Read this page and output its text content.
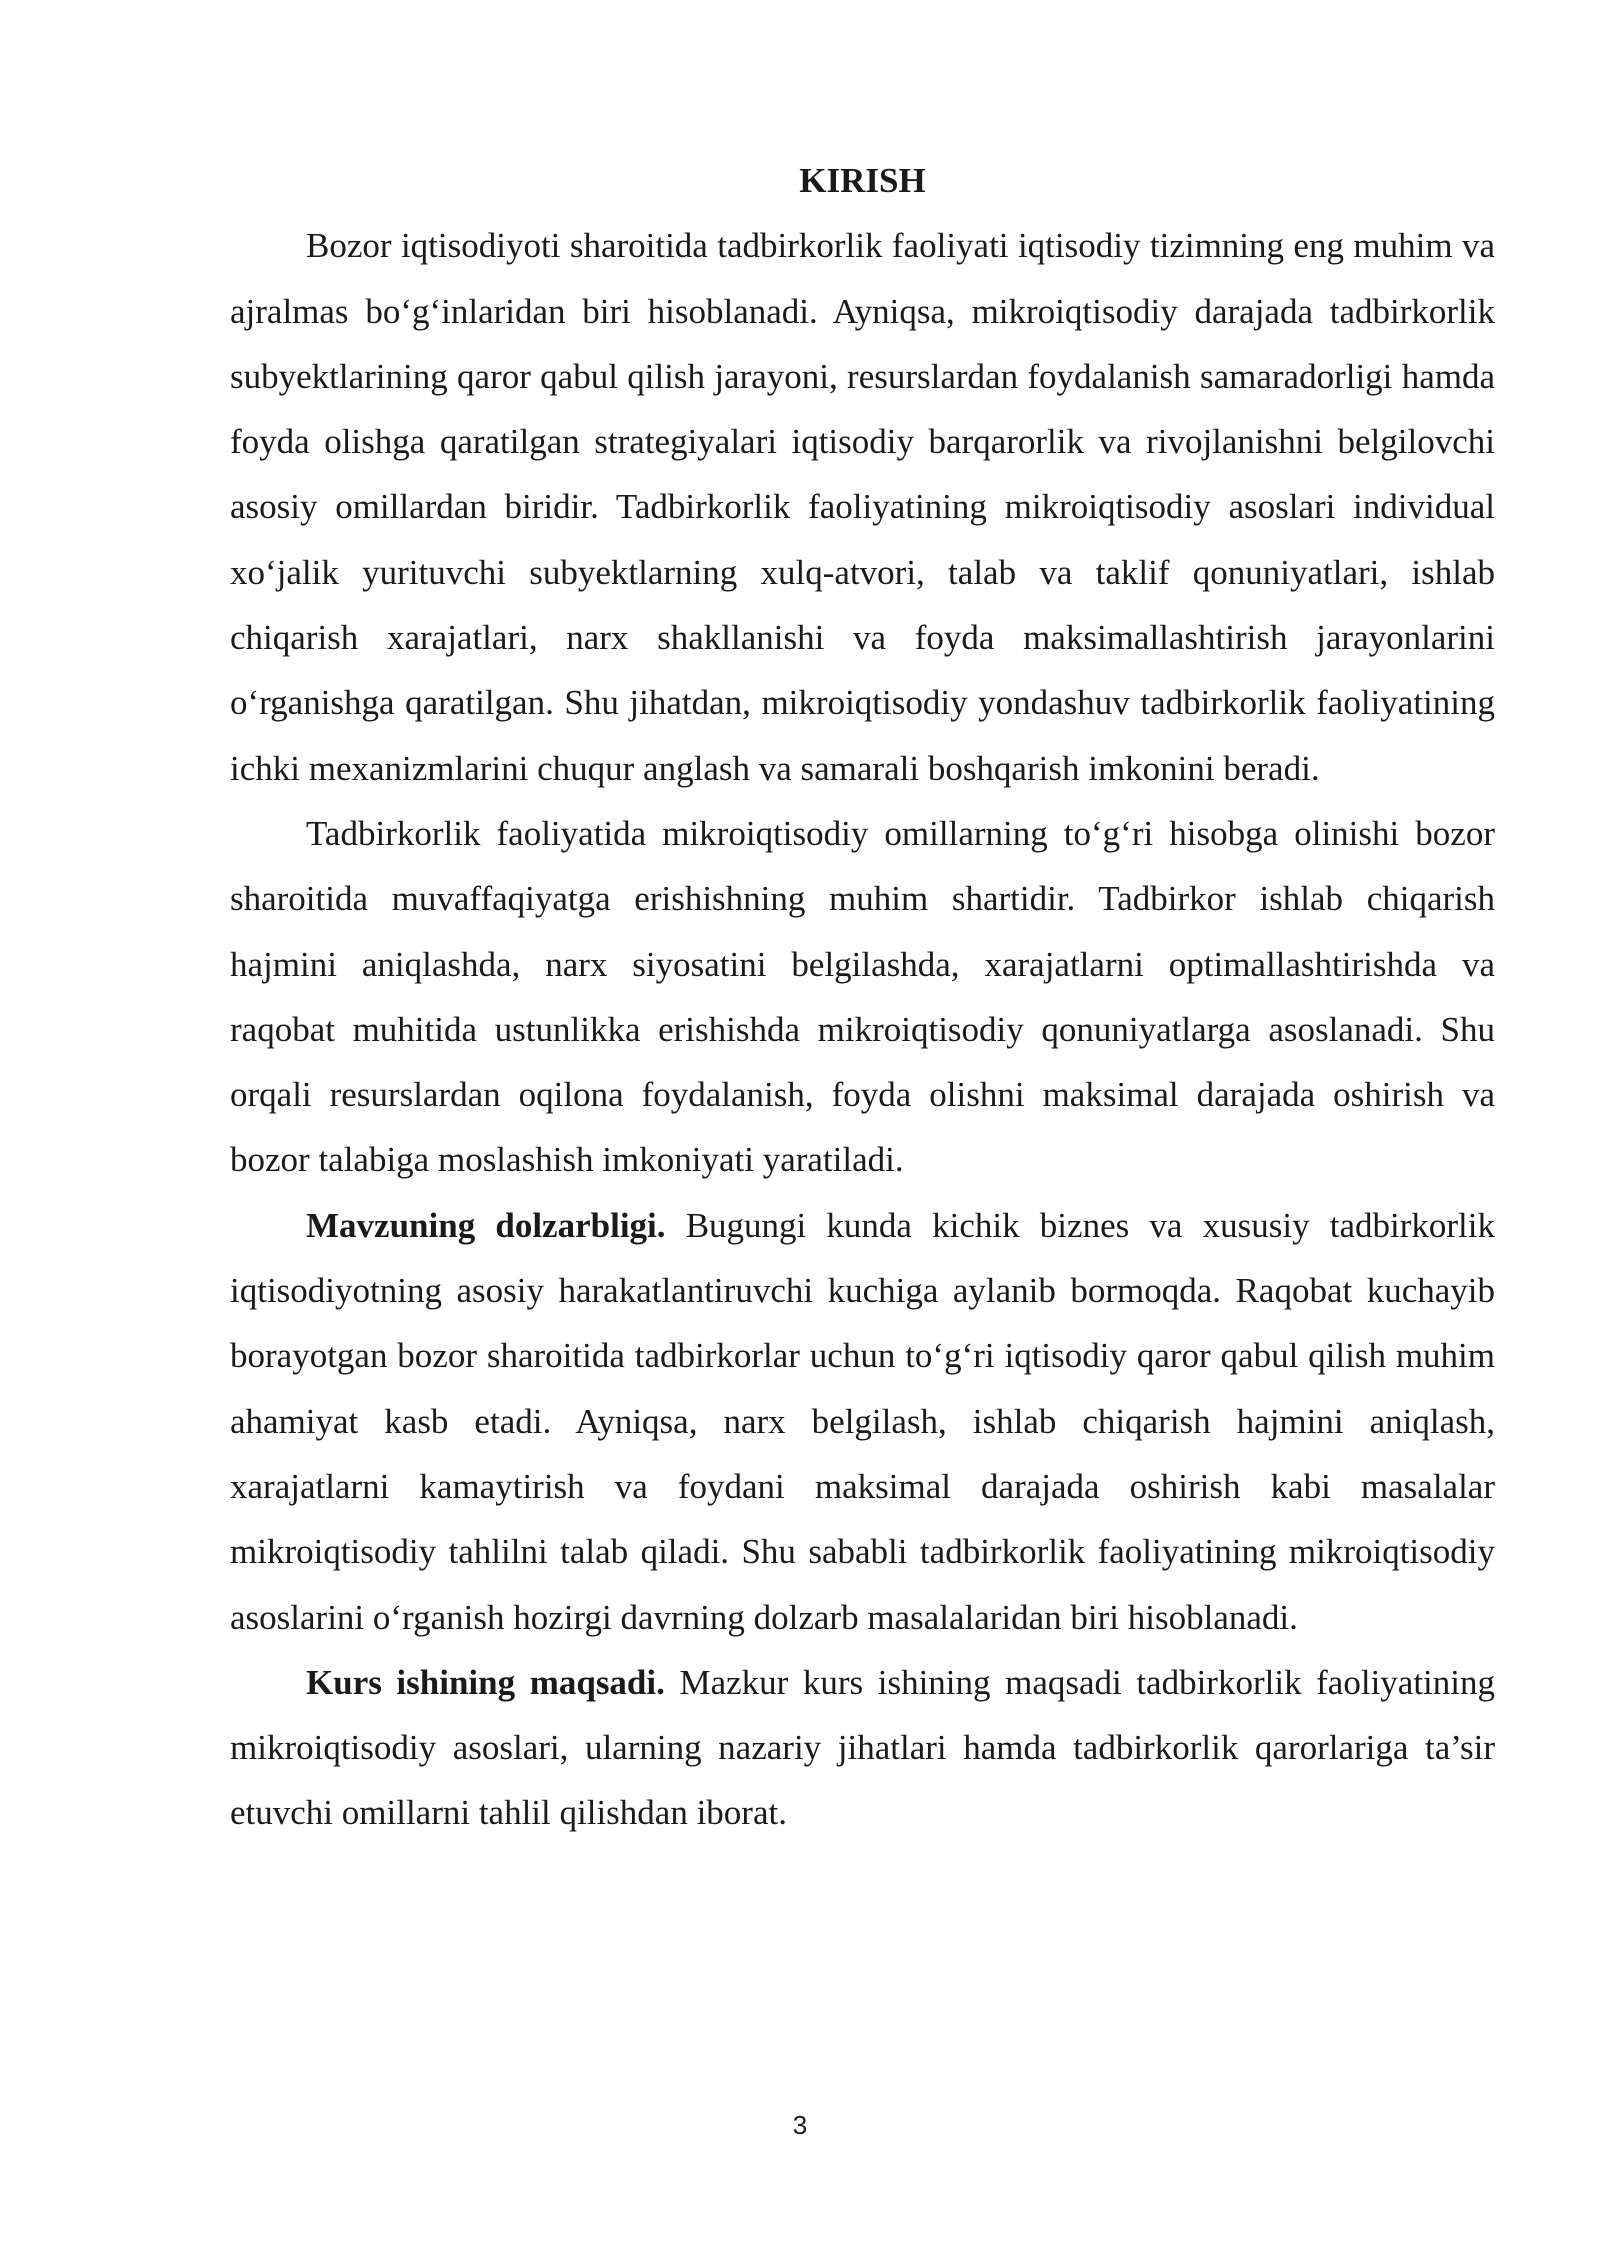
KIRISH

Bozor iqtisodiyoti sharoitida tadbirkorlik faoliyati iqtisodiy tizimning eng muhim va ajralmas bo‘g‘inlaridan biri hisoblanadi. Ayniqsa, mikroiqtisodiy darajada tadbirkorlik subyektlarining qaror qabul qilish jarayoni, resurslardan foydalanish samaradorligi hamda foyda olishga qaratilgan strategiyalari iqtisodiy barqarorlik va rivojlanishni belgilovchi asosiy omillardan biridir. Tadbirkorlik faoliyatining mikroiqtisodiy asoslari individual xo‘jalik yurituvchi subyektlarning xulq-atvori, talab va taklif qonuniyatlari, ishlab chiqarish xarajatlari, narx shakllanishi va foyda maksimallashtirish jarayonlarini o‘rganishga qaratilgan. Shu jihatdan, mikroiqtisodiy yondashuv tadbirkorlik faoliyatining ichki mexanizmlarini chuqur anglash va samarali boshqarish imkonini beradi.

Tadbirkorlik faoliyatida mikroiqtisodiy omillarning to‘g‘ri hisobga olinishi bozor sharoitida muvaffaqiyatga erishishning muhim shartidir. Tadbirkor ishlab chiqarish hajmini aniqlashda, narx siyosatini belgilashda, xarajatlarni optimallashtirishda va raqobat muhitida ustunlikka erishishda mikroiqtisodiy qonuniyatlarga asoslanadi. Shu orqali resurslardan oqilona foydalanish, foyda olishni maksimal darajada oshirish va bozor talabiga moslashish imkoniyati yaratiladi.

Mavzuning dolzarbligi. Bugungi kunda kichik biznes va xususiy tadbirkorlik iqtisodiyotning asosiy harakatlantiruvchi kuchiga aylanib bormoqda. Raqobat kuchayib borayotgan bozor sharoitida tadbirkorlar uchun to‘g‘ri iqtisodiy qaror qabul qilish muhim ahamiyat kasb etadi. Ayniqsa, narx belgilash, ishlab chiqarish hajmini aniqlash, xarajatlarni kamaytirish va foydani maksimal darajada oshirish kabi masalalar mikroiqtisodiy tahlilni talab qiladi. Shu sababli tadbirkorlik faoliyatining mikroiqtisodiy asoslarini o‘rganish hozirgi davrning dolzarb masalalaridan biri hisoblanadi.

Kurs ishining maqsadi. Mazkur kurs ishining maqsadi tadbirkorlik faoliyatining mikroiqtisodiy asoslari, ularning nazariy jihatlari hamda tadbirkorlik qarorlariga ta’sir etuvchi omillarni tahlil qilishdan iborat.

3
